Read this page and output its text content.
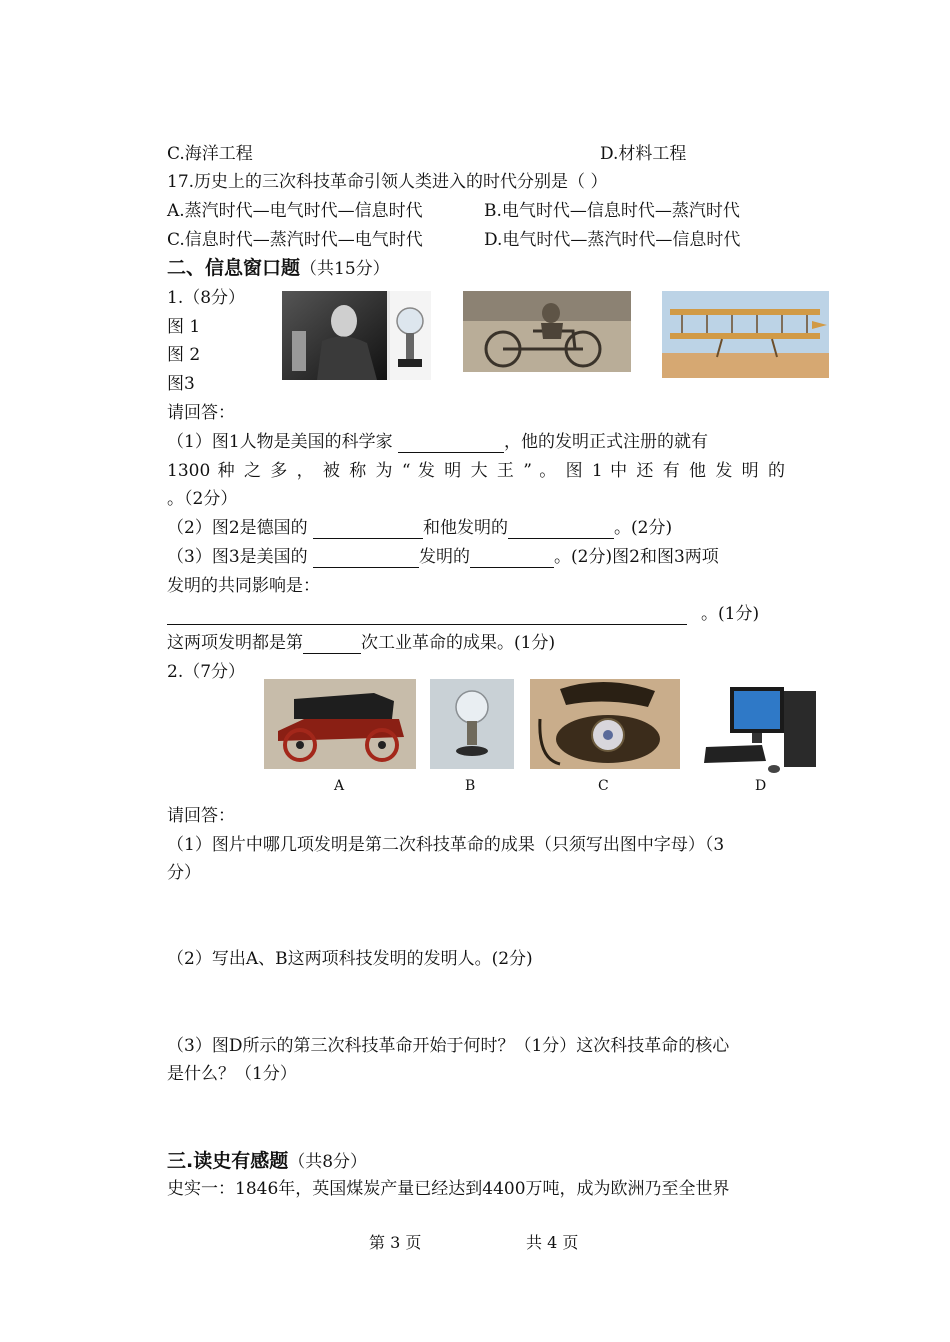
C.海洋工程	D.材料工程
17.历史上的三次科技革命引领人类进入的时代分别是（ ）
A.蒸汽时代—电气时代—信息时代	B.电气时代—信息时代—蒸汽时代
C.信息时代—蒸汽时代—电气时代	D.电气时代—蒸汽时代—信息时代
二、信息窗口题（共15分）
1.（8分）
图 1
图 2
图3
请回答：
（1）图1人物是美国的科学家	，他的发明正式注册的就有
1300 种 之 多 ， 被 称 为 “ 发 明 大 王 ” 。 图 1 中 还 有 他 发 明 的
。（2分）
（2）图2是德国的	和他发明的	。(2分)
（3）图3是美国的	发明的	。(2分)图2和图3两项
发明的共同影响是：
。(1分)
这两项发明都是第	次工业革命的成果。(1分)
2.（7分）
A	B	C	D
请回答：
（1）图片中哪几项发明是第二次科技革命的成果（只须写出图中字母）（3
分）
（2）写出A、B这两项科技发明的发明人。(2分)
（3）图D所示的第三次科技革命开始于何时？（1分）这次科技革命的核心
是什么？（1分）
三.读史有感题（共8分）
史实一：1846年，英国煤炭产量已经达到4400万吨，成为欧洲乃至全世界
第 3 页	共 4 页
